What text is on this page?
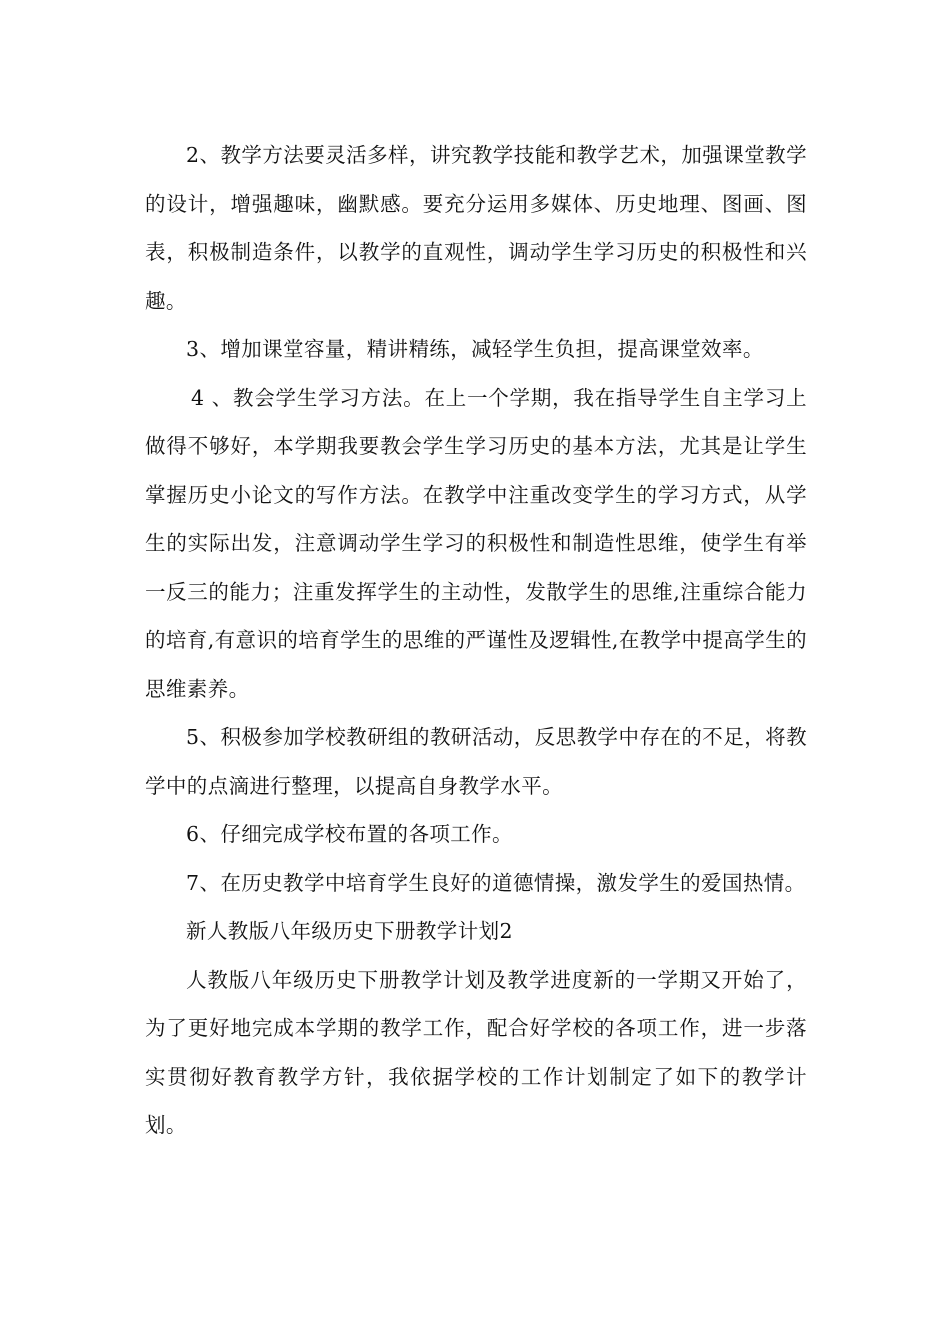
2、教学方法要灵活多样，讲究教学技能和教学艺术，加强课堂教学的设计，增强趣味，幽默感。要充分运用多媒体、历史地理、图画、图表，积极制造条件，以教学的直观性，调动学生学习历史的积极性和兴趣。

3、增加课堂容量，精讲精练，减轻学生负担，提高课堂效率。

4 、教会学生学习方法。在上一个学期，我在指导学生自主学习上做得不够好，本学期我要教会学生学习历史的基本方法，尤其是让学生掌握历史小论文的写作方法。在教学中注重改变学生的学习方式，从学生的实际出发，注意调动学生学习的积极性和制造性思维，使学生有举一反三的能力；注重发挥学生的主动性，发散学生的思维,注重综合能力的培育,有意识的培育学生的思维的严谨性及逻辑性,在教学中提高学生的思维素养。

5、积极参加学校教研组的教研活动，反思教学中存在的不足，将教学中的点滴进行整理，以提高自身教学水平。

6、仔细完成学校布置的各项工作。

7、在历史教学中培育学生良好的道德情操，激发学生的爱国热情。

新人教版八年级历史下册教学计划2

人教版八年级历史下册教学计划及教学进度新的一学期又开始了，为了更好地完成本学期的教学工作，配合好学校的各项工作，进一步落实贯彻好教育教学方针，我依据学校的工作计划制定了如下的教学计划。
